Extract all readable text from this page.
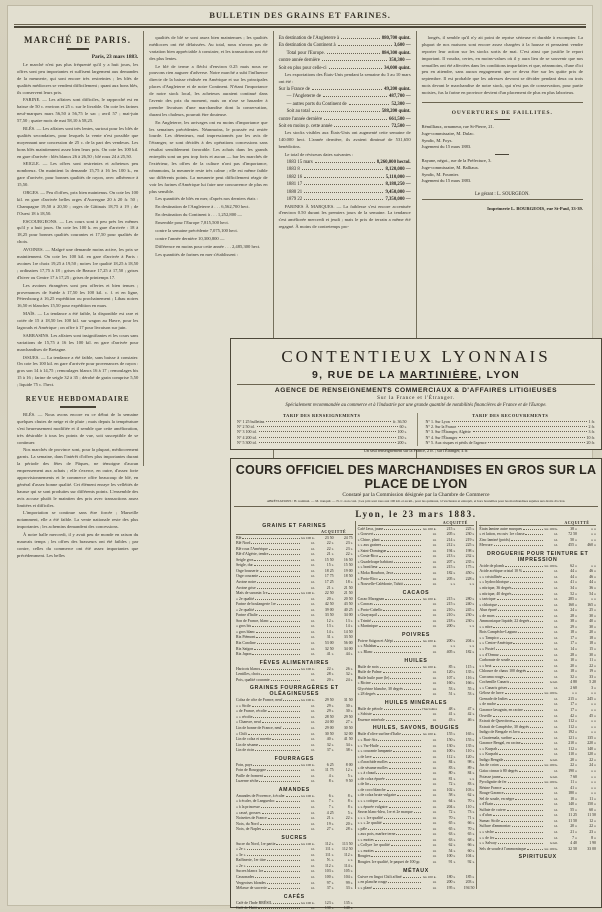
BULLETIN DES GRAINS ET FARINES.
MARCHÉ DE PARIS.
Paris, 23 mars 1883.

Le marché n'est pas plus fréquenté qu'il y a huit jours, les offres sont peu importantes et suffisent largement aux demandes de la meunerie, qui sont encore très restreintes ; les blés de qualités médiocres se vendent difficilement ; quant aux bons blés, ils conservent leurs prix.

FARINE. — Les affaires sont difficiles, le rapproché est en baisse de 50 c. environ et 25 c. sur le livrable. On cote les farines neuf-marques mars 56,50 à 56,75 le sac ; avril 57 ; mai-juin 57,50 ; quatre mois de mai 58,10 à 58,25.

BLÉS. — Les affaires sont très lentes, surtout pour les blés de qualités secondaires, pour lesquels la vente n'est possible que moyennant une concession de 25 c. de la part des vendeurs. Les bons blés maintiennent assez bien leurs prix. On cote les 100 kil. en gare d'arrivée : blés blancs 26 à 26,50 ; blé roux 24 à 25,50.

SEIGLE. — Les offres sont restreintes et acheteurs peu nombreux. On maintient la demande 15,75 à 16 les 100 k., en gare d'arrivée, pour bonnes qualités de rayon, avec adhérence à 15,50.

ORGES. — Peu d'offres, prix bien maintenus. On cote les 100 kil. en gare d'arrivée belles orges d'Auvergne 20 à 20 fr. 50 ; Champagne 19,50 à 20,50 ; orges de Gâtinais 18,75 à 19 ; de l'Ouest 18 à 18,50.

ESCOURGEONS. — Les cours sont à peu près les mêmes qu'il y a huit jours. On cote les 100 k. en gare d'arrivée : 18 à 18,25 pour bonnes qualités courantes et 17,50 pour qualités de choix.

AVOINES. — Malgré une demande moins active, les prix se maintiennent. On cote les 100 kil. en gare d'arrivée à Paris : avoines 1re choix 19,25 à 19,50 ; noires 1re qualité 18,25 à 18,50 ; ordinaires 17,75 à 18 ; grises de Beauce 17,25 à 17,50 ; grises d'hiver ou Centre 17 à 17,25 ; grises de printemps 17.

Les avoines étrangères sont peu offertes et bien tenues ; provenances de Suède à 17,50 les 100 kil. c. f. et en ligne, Pétersbourg à 16,25 expédition ou prochainement ; Libau noires 16,50 et blanches 15,50 pour expédition en mars.

MAÏS. — La tendance a été faible, la disponible est rare et cotée de 15 à 18,50 les 100 kil. sur wagon au Havre, pour les lagrouds et Amérique ; on offre à 17 pour livraison sur juin.

SARRASINS. Les affaires sont insignifiantes et les cours sans variations de 15,75 à 16 les 100 kil. en gare d'arrivée pour marchandises de Bretagne.

ISSUES. — La tendance a été faible, sans baisse à constater. On cote les 100 kil. en gare d'arrivée pour provenances de rayon : gros son 14 à 14,75 ; remoulages blancs 16 à 17 ; remoulages bis 15 à 16 ; farine de seigle 32 à 35 ; dérobé de grain comprise 5,50 ; liquide 75 c. l'hect.

REVUE HEBDOMADAIRE

BLÉS. — Nous avons encore eu ce début de la semaine quelques chutes de neige et de pluie ; mais depuis la température s'est heureusement modifiée et il semble que cette amélioration, très désirable à tous les points de vue, soit susceptible de se continuer.

Nos marchés de province sont, pour la plupart, médiocrement garnis. La semaine, dans l'intérêt d'offres plus importantes durant la période des fêtes de Pâques, ne témoigne d'aucun empressement aux achats ; elle s'exerce, en outre, d'assez forte approvisionnements et le commerce offre beaucoup de blé, en général d'assez bonne qualité. Cet élément enraye les velléités de hausse qui se sont produites sur différents points. L'ensemble des avis accuse plutôt le maintien des prix avec transactions assez limitées et difficiles.

L'importation se continue sans être forcée ; Marseille notamment, elle a été faible. La vente nationale reste des plus importantes ; les achemins demandent des concessions.

À notre halle mercredi, il y avait peu de monde en raison du mauvais temps ; les offres des brasseurs ont été faibles ; par contre, celles du commerce ont été assez importantes que précédemment. Les belles

qualités de blé se sont assez bien maintenues ; les qualités médiocres ont été délaissées. Au total, nous n'avons pas de variation bien appréciable à constater, et les transactions ont été des plus lentes.

Le blé de terme a fléchi d'environ 0.25 mais nous ne pouvons rien augurer d'adverse. Notre marché a subi l'influence directe de la baisse réalisée en Amérique et sur les principales places d'Angleterre et de notre Continent. N'étant l'importance de notre stock local, les acheteurs auraient continué dans l'avenir des prix du moment, mais on n'ose se hasarder à prendre livraison d'une marchandise dont la conservation, durant les chaleurs, pourrait être douteuse.

En Angleterre, les arrivages ont eu moins d'importance que les semaines précédentes. Néanmoins, le poussée est restée lourde. Les détenteurs, mal impressionnés par les avis de l'étranger, se sont décidés à des opérations concessions sans résultat sensiblement favorable. Les achats dans les grands entrepôts sont un peu trop forts et aucun — bar les marchés de l'extérieur, les offres de la culture n'ont pas d'importance, néanmoins, la meunerie reste très calme ; elle est même faible sur différents points. La meunerie peut difficilement réagir de voir les farines d'Amérique lui faire une concurrence de plus en plus sensible.

Les quantités de blés en mer, d'après nos derniers états :

En destination de l'Angleterre à . . . 6,562,700 hect.

En destination du Continent à . . . 1,252,800 —

Ensemble pour l'Europe 7,815,500 hect.

contre la semaine précédente 7,075,100 hect.

contre l'année dernière 10,300,800 —

Différence en moins pour cette année . . . 2,485,300 hect.

Les quantités de farines en mer s'établissent :

En destination de l'Angleterre à	880,700 quint.
En destination du Continent à	3,600 —
Total pour l'Europe.	884,300 quint.
contre année dernière	350,300 —
Soit en plus pour celle-ci	34,000 quint.

Les exportations des États-Unis pendant la semaine du 3 au 10 mars ont été :

Sur la France de	49,200 quint.
— l'Angleterre de	487,700 —
— autres ports du Continent de	52,300 —
Soit au total	588,200 quint.
contre l'année dernière	661,500 —
Soit en moins p. cette année	72,500 —

Les stocks visibles aux États-Unis ont augmenté cette semaine de 140.000 hect. L'année dernière, ils avaient diminué de 531,650 benédictins.

Le total de réviseurs dates suivantes :

1883 15 mars	8,260,000 hectol.
1883 8	8,120,000 —
1882 16	5,110,000 —
1881 17	8,188,250 —
1880 21	9,450,000 —
1879 22	7,350,000 —

FARINES À MARQUES. — La faiblesse s'est encore accentuée d'environ 0.50 durant les premiers jours de la semaine. La tendance s'est améliorée mercredi et jeudi ; mais le prix de terrain a même été regagné. À moins de contretemps pro-

longés, il semble qu'il n'y ait point de reprise sérieuse et durable à escompter. La plupart de nos maisons sont encore assez chargées à la hausse et pensaient vendre reporter leur action sur les stocks sortis de mai. C'est ainsi que justifie le report important. Il voudra, certes, en moins-values où il y aura lieu de se souvenir que nos semailles ont été affectées dans les conditions imparfaites et que, néanmoins, d'une d'ici peu en attendre, sans aucun engagement que ce devra être sur les quitte prix de septembre. Il est probable que les adresses devront se décider pendant deux ou trois mois devant le marchandise de notre stock, qui n'est pas de conservation, pour partie moisies, fus la farine en province devient d'un placement de plus en plus laborieux.

OUVERTURES DE FAILLITES.
Rémilliaux, ornameur, rue St-Pierre, 21.
Juge-commissaire, M. Dulac.
Syndic, M. Foys.
Jugement du 15 mars 1883.
Rayane, négot., rue de la Préfecture, 3.
Juge-commissaire, M. Balliaux.
Syndic, M. Fournier.
Jugement du 15 mars 1883.
Le gérant : L. SOURGEON.
Imprimerie L. BOURGEOIS, rue St-Paul, 33-39.
CONTENTIEUX LYONNAIS
9, RUE DE LA MARTINIÈRE, LYON
AGENCE DE RENSEIGNEMENTS COMMERCIAUX & D'AFFAIRES LITIGIEUSES
Sur la France et l'Étranger.
Spécialement recommandée au commerce et à l'industrie par une grande quantité de notabilités financières de France et de l'Europe.
TARIF DES RENSEIGNEMENTS
N° 1 25 bulletins	fr. 36.50
N° 2 50 id.	60 »
N° 3 100 id.	100 »
N° 4 200 id.	150 »
N° 5 300 id.	200 »
TARIF DES RECOUVREMENTS
N° 1. Sur Lyon	1 fr.
N° 2. Sur la France	2 fr.
N° 3. Sur l'Étranger, Algérie	3 fr.
N° 4. Sur l'Étranger	10 fr.
N° 5. Aux risques et périls de l'agence	20 fr.
Un seul renseignement sur la France, 2 fr. ; sur l'Étranger, 4 fr.
COURS OFFICIEL DES MARCHANDISES EN GROS SUR LA PLACE DE LYON
Constaté par la Commission désignée par la Chambre de Commerce
ABRÉVIATIONS : H. nominal. — M. tranquil. — N. C. non coté. | Les prix sont tous aux 100 kil. et au kil., pour les quintaux, à l'exclusion et entrepôt, et hors bouteilles pour les marchandises sujettes aux droits d'octroi.
Lyon, le 23 mars 1883.
GRAINS ET FARINES
ACQUITTÉ
Blé	les 100 k.	23 50	24 75
Blé Nord	id.	22 »	23 »
Blé roux l'Amérique	id.	22 »	23 »
Blé d'Algérie, tendre	id.	21 »	22 »
Seigle gros	id.	15 50	16 50
Seigle, dur	id.	15 »	15 50
Orge brasserie	id.	18 25	19 00
Orge courante	id.	17 75	18 50
Avoine noire	id.	17 25	18 »
Avoine grise	id.	21 »	21 50
Maïs de sarrasin 1re	les 100 k.	22 50	21 50
» 2e qualité	id.	20 »	20 50
Farine de boulangerie 1re	id.	42 50	43 50
» 2e qualité	id.	39 00	40 25
Farine d'Italie	id.	33 50	34 00
Son de France, blanc	id.	12 »	13 »
» gros bis	id.	13 »	14 »
» gros blanc	id.	14 »	14 50
Riz Piémont	id.	31 »	33 50
Riz Caroline	id.	53 00	56 00
Riz Saïgon	id.	32 50	34 00
Riz Japon	id.	41 »	44 »
FÈVES ALIMENTAIRES
Haricots blancs	les 100 k.	22 »	26 »
Lentilles, choix	id.	28 »	32 »
Pois, qualité courante	id.	20 »	24 »
GRAINES FOURRAGÈRES ET OLÉAGINEUSES
Colza de côte de France, neuf	les 100 k.	29 50	31 50
» » Sicile	id.	29 »	30 »
» de France, récolte	id.	29 »	30 »
» » récolte	id.	28 50	29 50
» Chanvre, neuf	id.	24 00	27 »
Lin de bonne de France, neuf	id.	29 00	30 50
» Chili	id.	30 50	32 00
Lin de colza et navette	id.	40 »	41 50
Lin de sésame	id.	32 »	34 »
Lin de ricin	id.	37 »	38 »
FOURRAGES
Foin, pays	les 100 k.	6 25	8 00
Foin de Bourgogne	id.	11 75	12 »
Paille de froment	id.	4 »	5 »
Luzerne sèche	id.	8 »	9 50
AMANDES
Amandes de Provence, à écaler	les 100 k.	6 »	8 »
» à écaler, de Languedoc	id.	7 »	8 »
» à la princesse	id.	7 »	8 »
» cassé, grosses	id.	4 25	5 »
Noisettes de France	id.	21 »	22 »
Noix, du Nord	id.	19 »	20 »
Noix, de Naples	id.	27 »	28 »
SUCRES
Sucre du Nord, 1re partie	les 100 k.	112 »	113 50
» 2e »	id.	111 »	112 50
» 3e »	id.	111 »	112 »
Raffinerie, 1er titre	id.	N. »	» »
» 2e »	id.	112 »	114 »
Sucres blancs 1re	id.	103 »	105 »
Cassonades	id.	100 »	104 »
Vergeoises blondes	id.	97 »	99 »
Mélasse de sucrerie	id.	37 »	33 »
CAFÉS
Café de l'Inde BRÉSIL	les 100 k.	123 »	135 »
Café de Haïti	id.	130 »	140 »
ACQUITTÉ
Café Java, jaune	les 100 k.	215 »	225 »
» Gouvert	id.	205 »	230 »
» Chine, plant	id.	214 »	219 »
» » aux graines	id.	212 »	225 »
» Saint-Domingue	id.	194 »	198 »
» Costa-Rica	id.	213 »	232 »
» Guadeloupe habitant	id.	207 »	235 »
» » bonifieur	id.	215 »	175 »
» Moka Bourbon, Java	id.	182 »	450 »
» Porto-Rico	id.	205 »	228 »
» Nouvelle-Calédonie, Tahiti	id.	» »	» »
CACAOS
Cacao Maragnan	les 100 k.	215 »	280 »
» Caracas	id.	215 »	240 »
» Porto-Cabello	id.	210 »	245 »
» Guayaquil	id.	210 »	230 »
» Trinité	id.	218 »	230 »
» Martinique	id.	200 »	» »
POIVRES
Poivre Saïgon et Alépi	les 100 k.	200 »	204 »
» » Malabar	id.	» »	» »
» » Blanc	id.	405 »	182 »
HUILES
Huile de noix	les 100 k.	85 »	115 »
Huile de Palme	id.	120 »	135 »
Huile huile pure (le)	id.	107 »	116 »
» Ricine	id.	160 »	166 »
Glycérine blanche, 30 degrés	id.	53 »	55 »
» 28 degrés	id.	51 »	53 »
HUILES MINÉRALES
Huile de pétrole	l'hectolitre	48 »	47 »
» Schiste	id.	41 »	42 »
Essence minérale	id.	43 »	46 »
HUILES, SAVONS, BOUGIES
Huile d'olive surfine d'Italie	les 100 k.	155 »	165 »
» » Bari-Aix	id.	150 »	155 »
» » Var-Huile	id.	130 »	135 »
» » courante lampante	id.	100 »	110 »
» de lave	id.	112 »	120 »
» d'arachide molles	id.	84 »	98 »
» de sésame molles	id.	83 »	89 »
» » à chaud	id.	80 »	84 »
» de colza épurée	id.	81 »	» »
» de lin	id.	72 »	83 »
» de coco blanche	id.	102 »	103 »
» de colza brute vulgaire	id.	58 »	62 »
» » » cotique	id.	64 »	70 »
» » épurée vulgaire	id.	204 »	110 »
Savon blanc-bleu, 1re et 2e marque	id.	72 »	73 »
» » » 1re qualité	id.	70 »	71 »
» » » 2e qualité	id.	65 »	66 »
» pâle	id.	65 »	70 »
» aux pois, marbre terne	id.	63 »	65 »
» » mottes	id.	63 »	68 »
» Collyre 1re qualité	id.	62 »	66 »
» » mottes	id.	54 »	60 »
Bougies	id.	100 »	104 »
Bougies 1re qualité, le paquet de 100 gr.	id.	91 »	92 »
MÉTAUX
Cuivre en lingot Chili affiné	les 100 k.	180 »	185 »
» en planche rouge	id.	200 »	203 »
» » plané	id.	195 »	194 50
ACQUITTÉ
Étain lamine autre marques	les 100 k.	38 »	» »
» et laiton, en cuiv 1re classe	id.	72 50	» »
Zinc laminé (poids)	id.	50 »	» »
Mercure	id.	455 »	460 »
DROGUERIE POUR TEINTURE ET IMPRESSION
Acide de plomb	les 100 k.	62 »	» »
Acide acétique cristal 10 %	id.	44 »	46 »
» » cristallisée	id.	44 »	46 »
» » hydrochlorique	id.	41 »	44 »
» nitrique, 36 degrés	id.	34 »	36 »
» nitrique, 40 degrés	id.	52 »	54 »
» tartrique	id.	285 »	» »
» chlorique	id.	160 »	165 »
Alun épuré	id.	24 »	25 »
» de mars	id.	28 »	30 »
Ammoniaque liquide, 22 degrés	id.	38 »	40 »
» » nitre	id.	29 »	30 »
Bois Campêche-Laguna	id.	18 »	20 »
» » Tampico	id.	17 »	18 »
» » Centre-Amérique	id.	17 »	18 »
» » Fustel	id.	14 »	15 »
» » d'Ormuz	id.	28 »	30 »
Carbonate de soude	id.	10 »	11 »
» » brut	id.	20 »	22 »
Chlorure de chaux 100 degrés	id.	18 »	19 »
Curcuma rouge	id.	32 »	33 »
Cochenille Canaris	le kil.	4 80	5 20
» » Canaris grises	id.	2 60	3 »
Gélose de larve	les 100 k.	» »	» »
Grenade de Indies	id.	215 »	245 »
» de nache	id.	17 »	» »
Garance lavagnin, en racine	id.	17 »	» »
Orseille	id.	42 »	45 »
Extrait de Quercitron	id.	112 »	» »
Extrait de Campêche, 30 degrés	id.	112 »	» »
Indigo de Bengale et Java	id.	192 »	» »
» Guatemala, surfine	id.	121 »	135 »
Garance Bengal, en racine	id.	210 »	220 »
» » Kurpah	id.	112 »	140 »
» » Kurpahi	id.	110 »	120 »
Indigo Bengale	le kil.	20 »	22 »
Jus de coton	les 100 k.	22 »	24 »
Gaïac cinnar à 80 degrés	id.	190 »	» »
Potasse jaune	le kil.	7 60	» »
Pyrolignite de fer	les 100 k.	11 »	» »
Résine France	id.	41 »	» »
Rouge Garance	id.	180 »	» »
Sel de soude, en nègre	id.	10 »	11 »
» d'Étain	id.	140 »	150 »
Sulfate de cuivre	id.	55 »	60 »
» d'alun	id.	11 25	11 50
Sumac Sicile	id.	11 50	12 »
Sulfure d'ammoniac	id.	20 »	22 »
» » sèche	id.	21 »	23 »
» » de fer	id.	7 »	8 »
» » Salway	le kil.	4 40	1 90
Sels de soude à l'ammoniaque	les 100 k.	32 50	33 00
SPIRITUEUX
